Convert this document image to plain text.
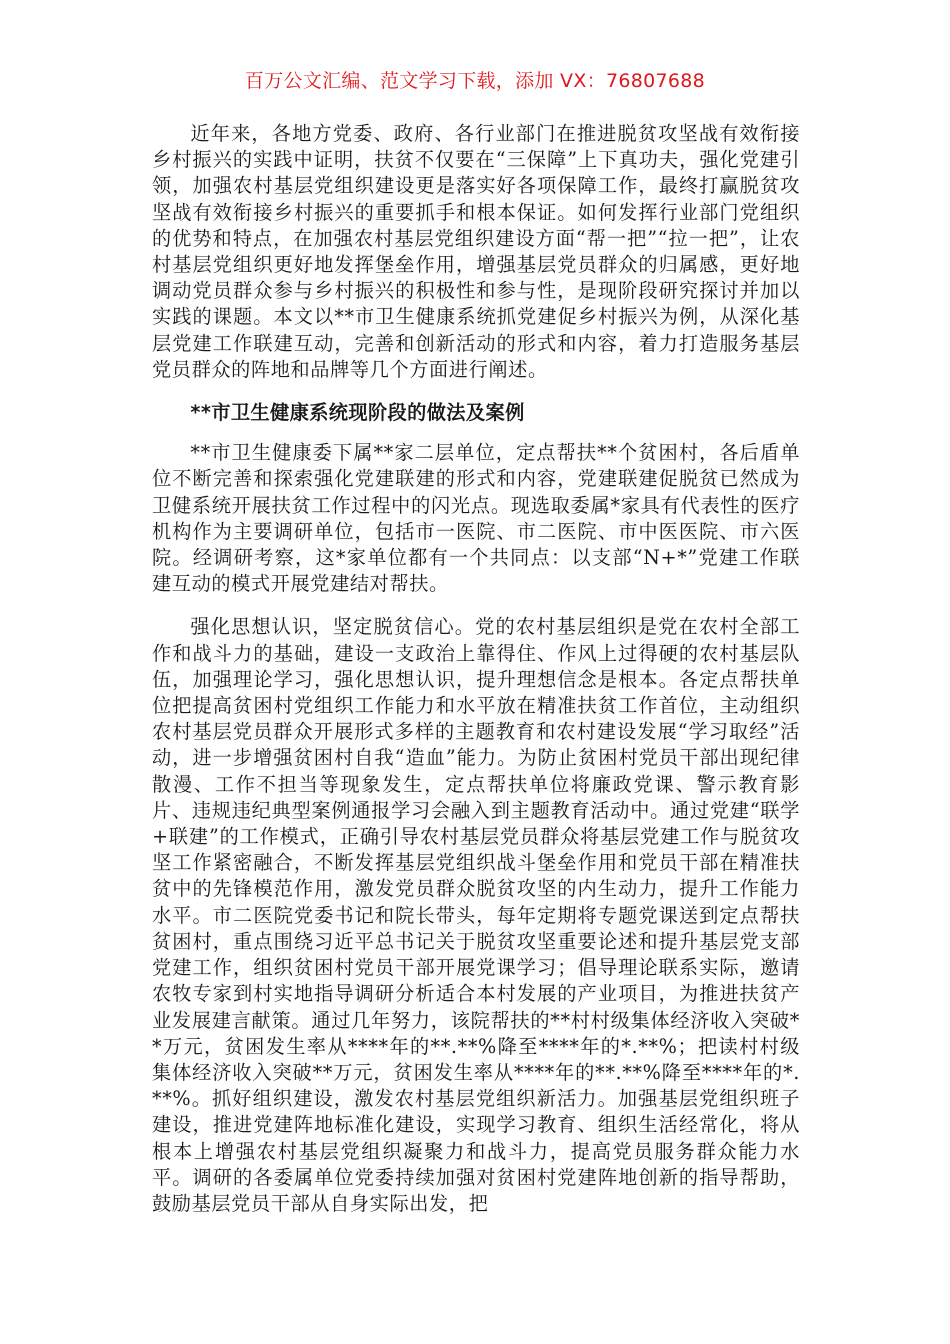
百万公文汇编、范文学习下载，添加 VX：76807688

近年来，各地方党委、政府、各行业部门在推进脱贫攻坚战有效衔接乡村振兴的实践中证明，扶贫不仅要在“三保障”上下真功夫，强化党建引领，加强农村基层党组织建设更是落实好各项保障工作，最终打赢脱贫攻坚战有效衔接乡村振兴的重要抓手和根本保证。如何发挥行业部门党组织的优势和特点，在加强农村基层党组织建设方面“帮一把”“拉一把”，让农村基层党组织更好地发挥堡垒作用，增强基层党员群众的归属感，更好地调动党员群众参与乡村振兴的积极性和参与性，是现阶段研究探讨并加以实践的课题。本文以**市卫生健康系统抓党建促乡村振兴为例，从深化基层党建工作联建互动，完善和创新活动的形式和内容，着力打造服务基层党员群众的阵地和品牌等几个方面进行阐述。

**市卫生健康系统现阶段的做法及案例

**市卫生健康委下属**家二层单位，定点帮扶**个贫困村，各后盾单位不断完善和探索强化党建联建的形式和内容，党建联建促脱贫已然成为卫健系统开展扶贫工作过程中的闪光点。现选取委属*家具有代表性的医疗机构作为主要调研单位，包括市一医院、市二医院、市中医医院、市六医院。经调研考察，这*家单位都有一个共同点：以支部“N+*”党建工作联建互动的模式开展党建结对帮扶。

强化思想认识，坚定脱贫信心。党的农村基层组织是党在农村全部工作和战斗力的基础，建设一支政治上靠得住、作风上过得硬的农村基层队伍，加强理论学习，强化思想认识，提升理想信念是根本。各定点帮扶单位把提高贫困村党组织工作能力和水平放在精准扶贫工作首位，主动组织农村基层党员群众开展形式多样的主题教育和农村建设发展“学习取经”活动，进一步增强贫困村自我“造血”能力。为防止贫困村党员干部出现纪律散漫、工作不担当等现象发生，定点帮扶单位将廉政党课、警示教育影片、违规违纪典型案例通报学习会融入到主题教育活动中。通过党建“联学+联建”的工作模式，正确引导农村基层党员群众将基层党建工作与脱贫攻坚工作紧密融合，不断发挥基层党组织战斗堡垒作用和党员干部在精准扶贫中的先锋模范作用，激发党员群众脱贫攻坚的内生动力，提升工作能力水平。市二医院党委书记和院长带头，每年定期将专题党课送到定点帮扶贫困村，重点围绕习近平总书记关于脱贫攻坚重要论述和提升基层党支部党建工作，组织贫困村党员干部开展党课学习；倡导理论联系实际，邀请农牧专家到村实地指导调研分析适合本村发展的产业项目，为推进扶贫产业发展建言献策。通过几年努力，该院帮扶的**村村级集体经济收入突破**万元，贫困发生率从****年的**.**%降至****年的*.**%；把读村村级集体经济收入突破**万元，贫困发生率从****年的**.**%降至****年的*.**%。抓好组织建设，激发农村基层党组织新活力。加强基层党组织班子建设，推进党建阵地标准化建设，实现学习教育、组织生活经常化，将从根本上增强农村基层党组织凝聚力和战斗力，提高党员服务群众能力水平。调研的各委属单位党委持续加强对贫困村党建阵地创新的指导帮助，鼓励基层党员干部从自身实际出发，把
